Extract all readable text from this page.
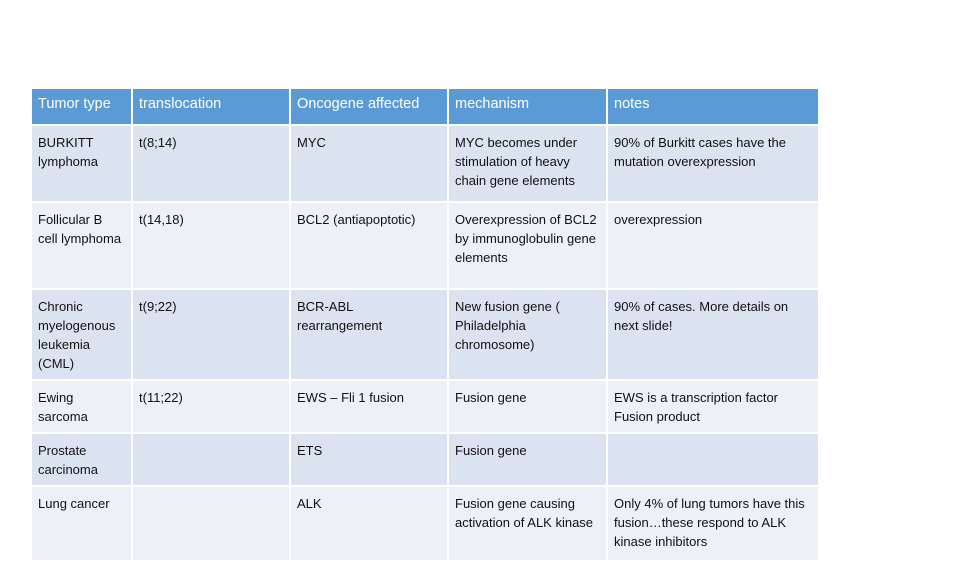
Tumor type	translocation	Oncogene affected	mechanism	notes
BURKITT lymphoma	t(8;14)	MYC	MYC becomes under stimulation of heavy chain gene elements	90% of Burkitt cases have the mutation overexpression
Follicular B cell lymphoma	t(14,18)	BCL2 (antiapoptotic)	Overexpression of BCL2 by immunoglobulin gene elements	overexpression
Chronic myelogenous leukemia (CML)	t(9;22)	BCR-ABL rearrangement	New fusion gene ( Philadelphia chromosome)	90% of cases. More details on next slide!
Ewing sarcoma	t(11;22)	EWS – Fli 1 fusion	Fusion gene	EWS is a transcription factor Fusion product
Prostate carcinoma		ETS	Fusion gene	
Lung cancer		ALK	Fusion gene causing activation of ALK kinase	Only 4% of lung tumors have this fusion…these respond to ALK kinase inhibitors
